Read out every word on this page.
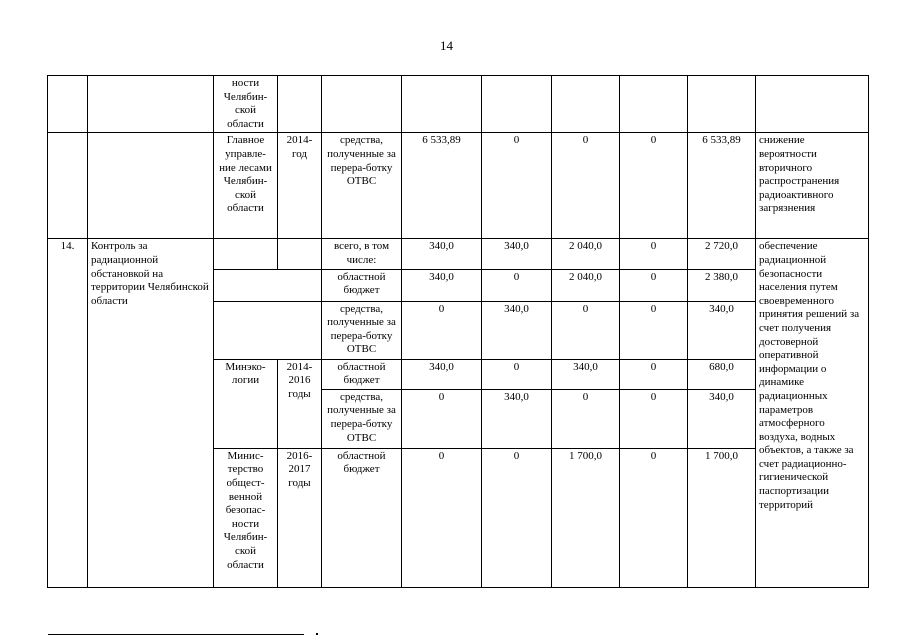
14
		ности Челябин-ской области								
		Главное управле-ние лесами Челябин-ской области	2014-год	средства, полученные за перера-ботку ОТВС	6 533,89	0	0	0	6 533,89	снижение вероятности вторичного распространения радиоактивного загрязнения
14.	Контроль за радиационной обстановкой на территории Челябинской области			всего, в том числе:	340,0	340,0	2 040,0	0	2 720,0	обеспечение радиационной безопасности населения путем своевременного принятия решений за счет получения достоверной оперативной информации о динамике радиационных параметров атмосферного воздуха, водных объектов, а также за счет радиационно-гигиенической паспортизации территорий
				областной бюджет	340,0	0	2 040,0	0	2 380,0	
				средства, полученные за перера-ботку ОТВС	0	340,0	0	0	340,0	
		Минэко-логии	2014-2016 годы	областной бюджет	340,0	0	340,0	0	680,0	
				средства, полученные за перера-ботку ОТВС	0	340,0	0	0	340,0	
		Минис-терство общест-венной безопас-ности Челябин-ской области	2016-2017 годы	областной бюджет	0	0	1 700,0	0	1 700,0	
